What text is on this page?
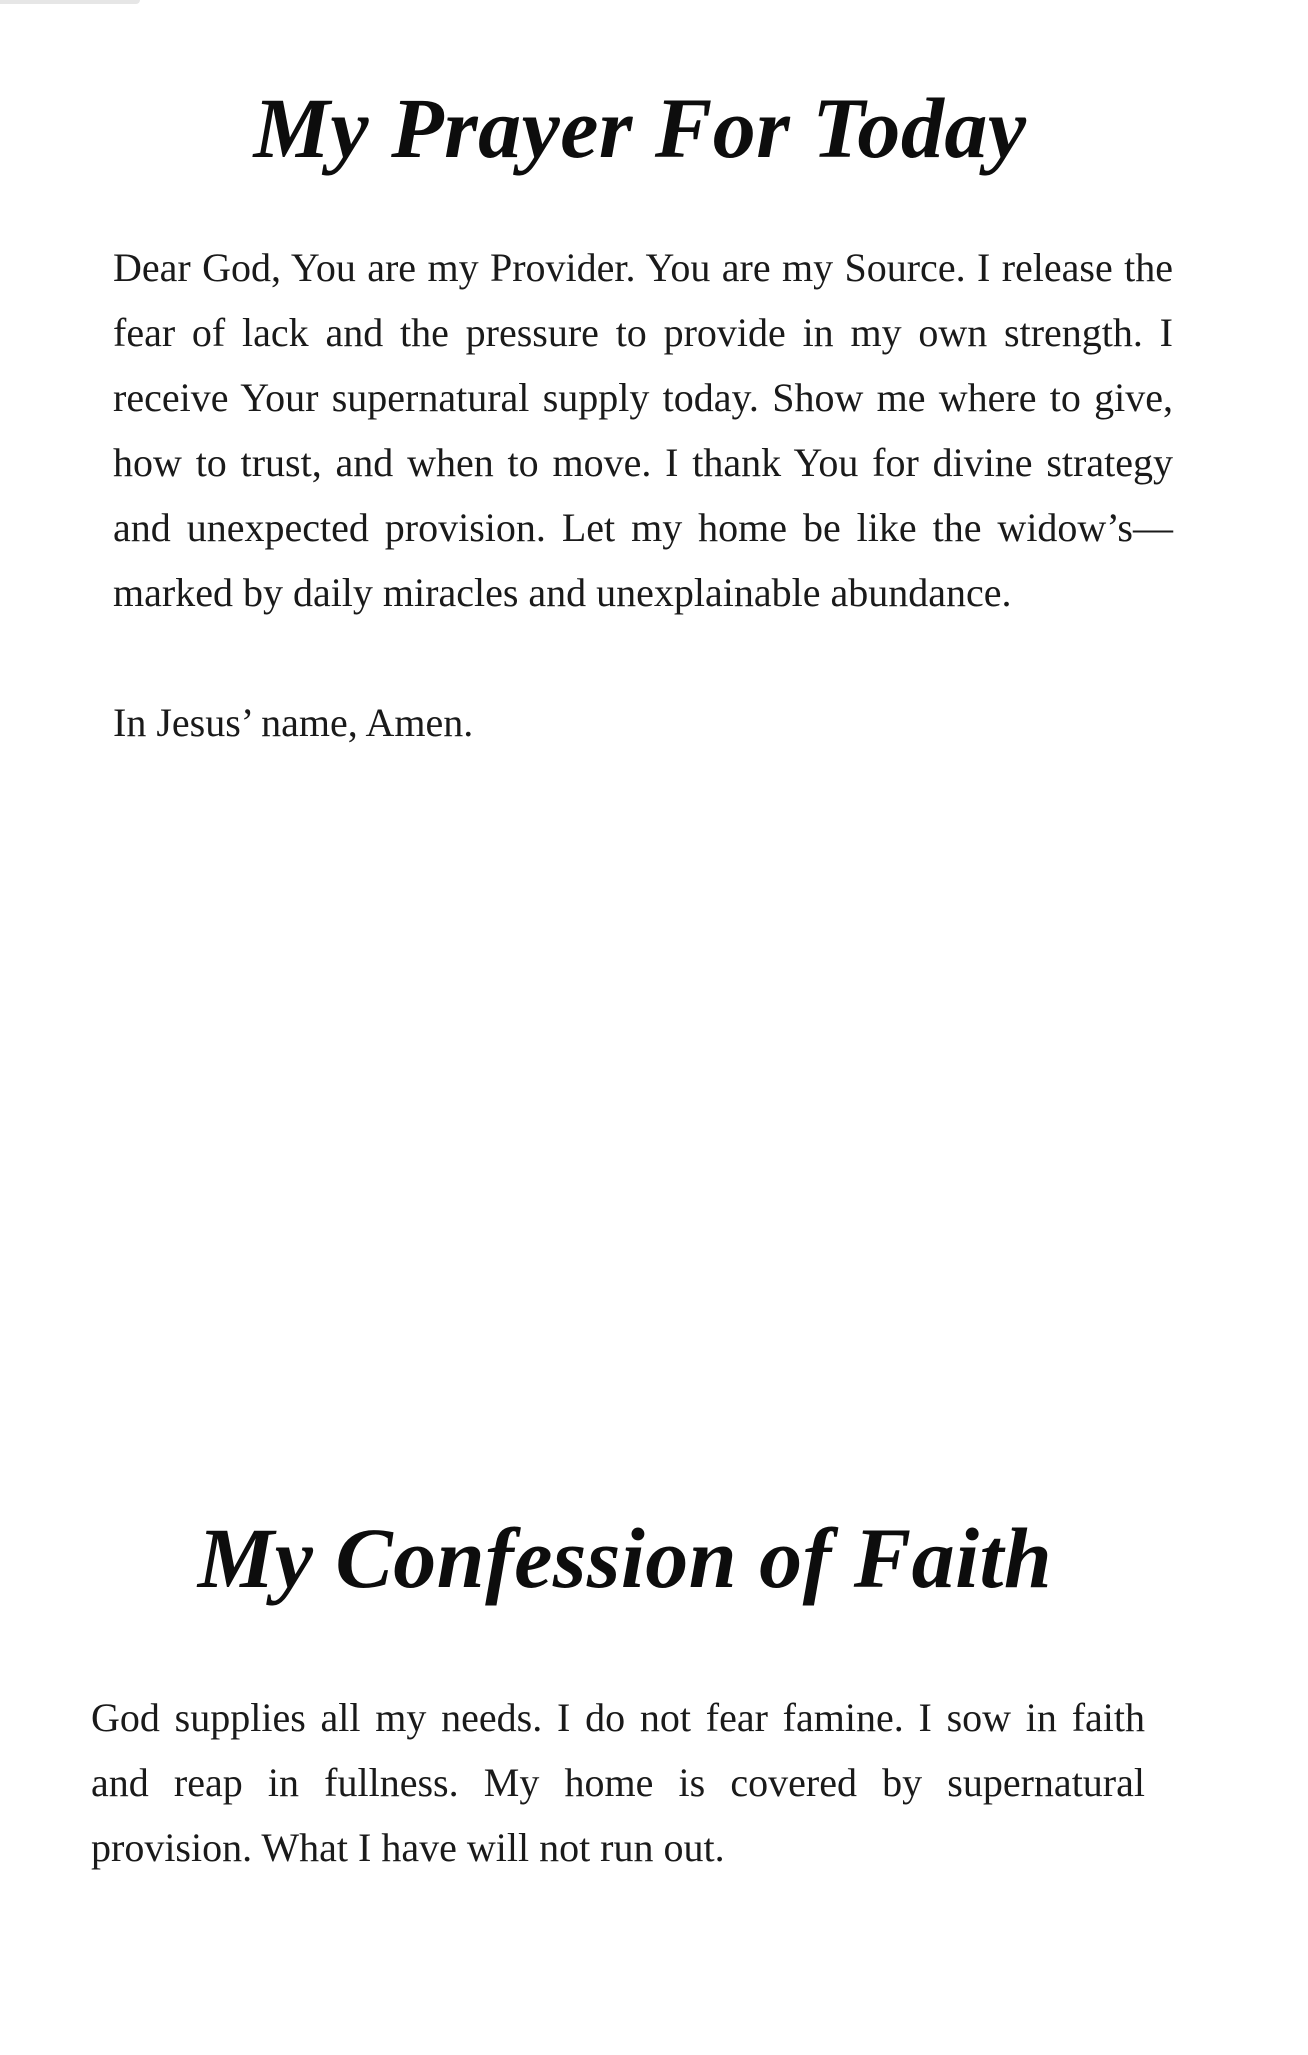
My Prayer For Today

Dear God, You are my Provider. You are my Source. I release the fear of lack and the pressure to provide in my own strength. I receive Your supernatural supply today. Show me where to give, how to trust, and when to move. I thank You for divine strategy and unexpected provision. Let my home be like the widow’s—marked by daily miracles and unexplainable abundance.

In Jesus’ name, Amen.

My Confession of Faith

God supplies all my needs. I do not fear famine. I sow in faith and reap in fullness. My home is covered by supernatural provision. What I have will not run out.
